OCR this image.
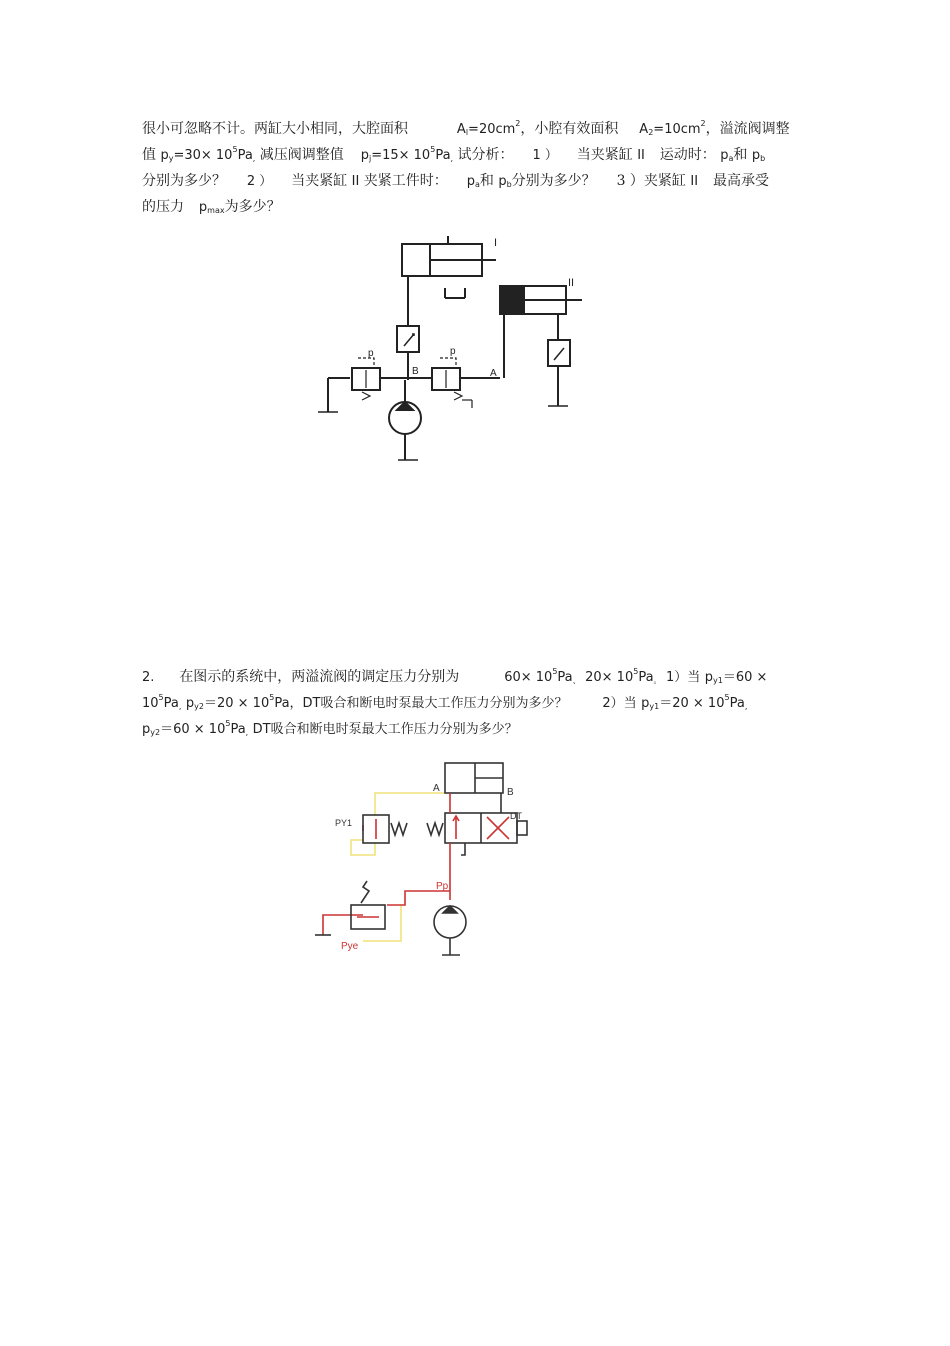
很小可忽略不计。两缸大小相同，大腔面积	$A_l=20cm^2$，小腔有效面积 $A_2=10cm^2$，溢流阀调整
值 $p_y=30\times 10^5Pa_,$ 减压阀调整值 $p_j=15\times 10^5Pa_,$ 试分析： 1 ） 当夹紧缸 II 运动时： $p_a$和 $p_b$
分别为多少？ 2 ） 当夹紧缸 II 夹紧工件时： $p_a$和 $p_b$分别为多少？ 3 ）夹紧缸 II 最高承受
的压力 $p_{max}$为多少？
I
p	p
B	A
II
2. 在图示的系统中，两溢流阀的调定压力分别为	$60\times 10^5Pa_、$ $20\times 10^5Pa_。$ 1）当 $p_{y1}=60$ ×
$10^5Pa_,$ $p_{y2}=20 \times 10^5Pa$，DT吸合和断电时泵最大工作压力分别为多少？	2）当 $p_{y1}=20 \times 10^5Pa_,$
$p_{y2}=60 \times 10^5Pa_,$ DT吸合和断电时泵最大工作压力分别为多少？
A	B
DT
Pp
PY1
Pye
